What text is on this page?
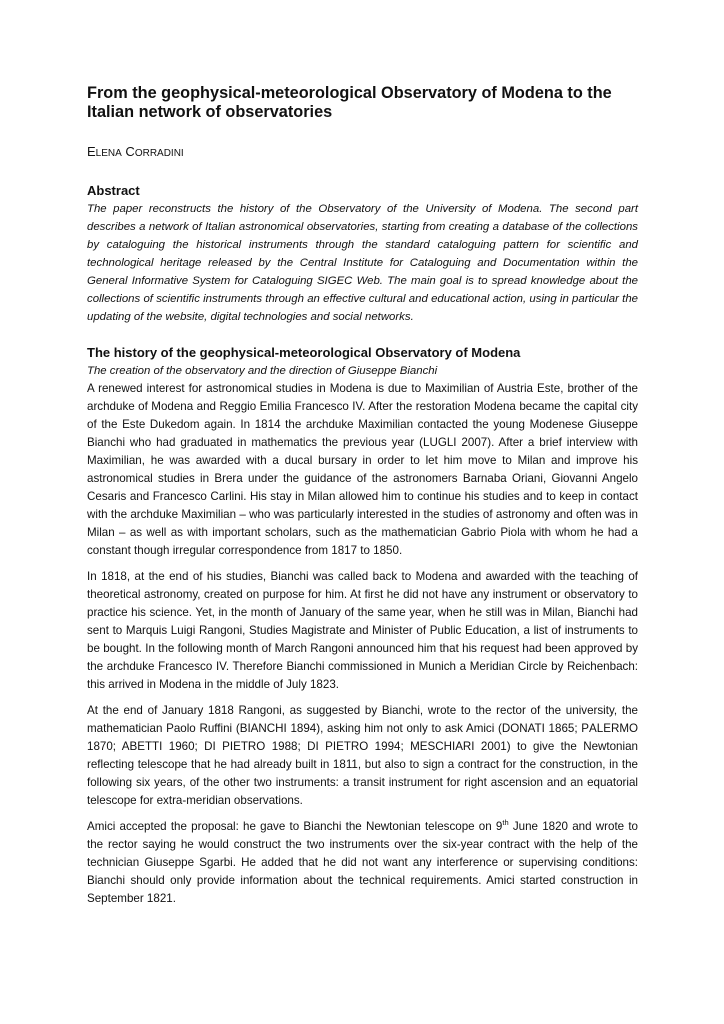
From the geophysical-meteorological Observatory of Modena to the Italian network of observatories
ELENA CORRADINI
Abstract

The paper reconstructs the history of the Observatory of the University of Modena. The second part describes a network of Italian astronomical observatories, starting from creating a database of the collections by cataloguing the historical instruments through the standard cataloguing pattern for scientific and technological heritage released by the Central Institute for Cataloguing and Documentation within the General Informative System for Cataloguing SIGEC Web. The main goal is to spread knowledge about the collections of scientific instruments through an effective cultural and educational action, using in particular the updating of the website, digital technologies and social networks.

The history of the geophysical-meteorological Observatory of Modena

The creation of the observatory and the direction of Giuseppe Bianchi

A renewed interest for astronomical studies in Modena is due to Maximilian of Austria Este, brother of the archduke of Modena and Reggio Emilia Francesco IV. After the restoration Modena became the capital city of the Este Dukedom again. In 1814 the archduke Maximilian contacted the young Modenese Giuseppe Bianchi who had graduated in mathematics the previous year (LUGLI 2007). After a brief interview with Maximilian, he was awarded with a ducal bursary in order to let him move to Milan and improve his astronomical studies in Brera under the guidance of the astronomers Barnaba Oriani, Giovanni Angelo Cesaris and Francesco Carlini. His stay in Milan allowed him to continue his studies and to keep in contact with the archduke Maximilian – who was particularly interested in the studies of astronomy and often was in Milan – as well as with important scholars, such as the mathematician Gabrio Piola with whom he had a constant though irregular correspondence from 1817 to 1850.

In 1818, at the end of his studies, Bianchi was called back to Modena and awarded with the teaching of theoretical astronomy, created on purpose for him. At first he did not have any instrument or observatory to practice his science. Yet, in the month of January of the same year, when he still was in Milan, Bianchi had sent to Marquis Luigi Rangoni, Studies Magistrate and Minister of Public Education, a list of instruments to be bought. In the following month of March Rangoni announced him that his request had been approved by the archduke Francesco IV. Therefore Bianchi commissioned in Munich a Meridian Circle by Reichenbach: this arrived in Modena in the middle of July 1823.

At the end of January 1818 Rangoni, as suggested by Bianchi, wrote to the rector of the university, the mathematician Paolo Ruffini (BIANCHI 1894), asking him not only to ask Amici (DONATI 1865; PALERMO 1870; ABETTI 1960; DI PIETRO 1988; DI PIETRO 1994; MESCHIARI 2001) to give the Newtonian reflecting telescope that he had already built in 1811, but also to sign a contract for the construction, in the following six years, of the other two instruments: a transit instrument for right ascension and an equatorial telescope for extra-meridian observations.

Amici accepted the proposal: he gave to Bianchi the Newtonian telescope on 9th June 1820 and wrote to the rector saying he would construct the two instruments over the six-year contract with the help of the technician Giuseppe Sgarbi. He added that he did not want any interference or supervising conditions: Bianchi should only provide information about the technical requirements. Amici started construction in September 1821.
